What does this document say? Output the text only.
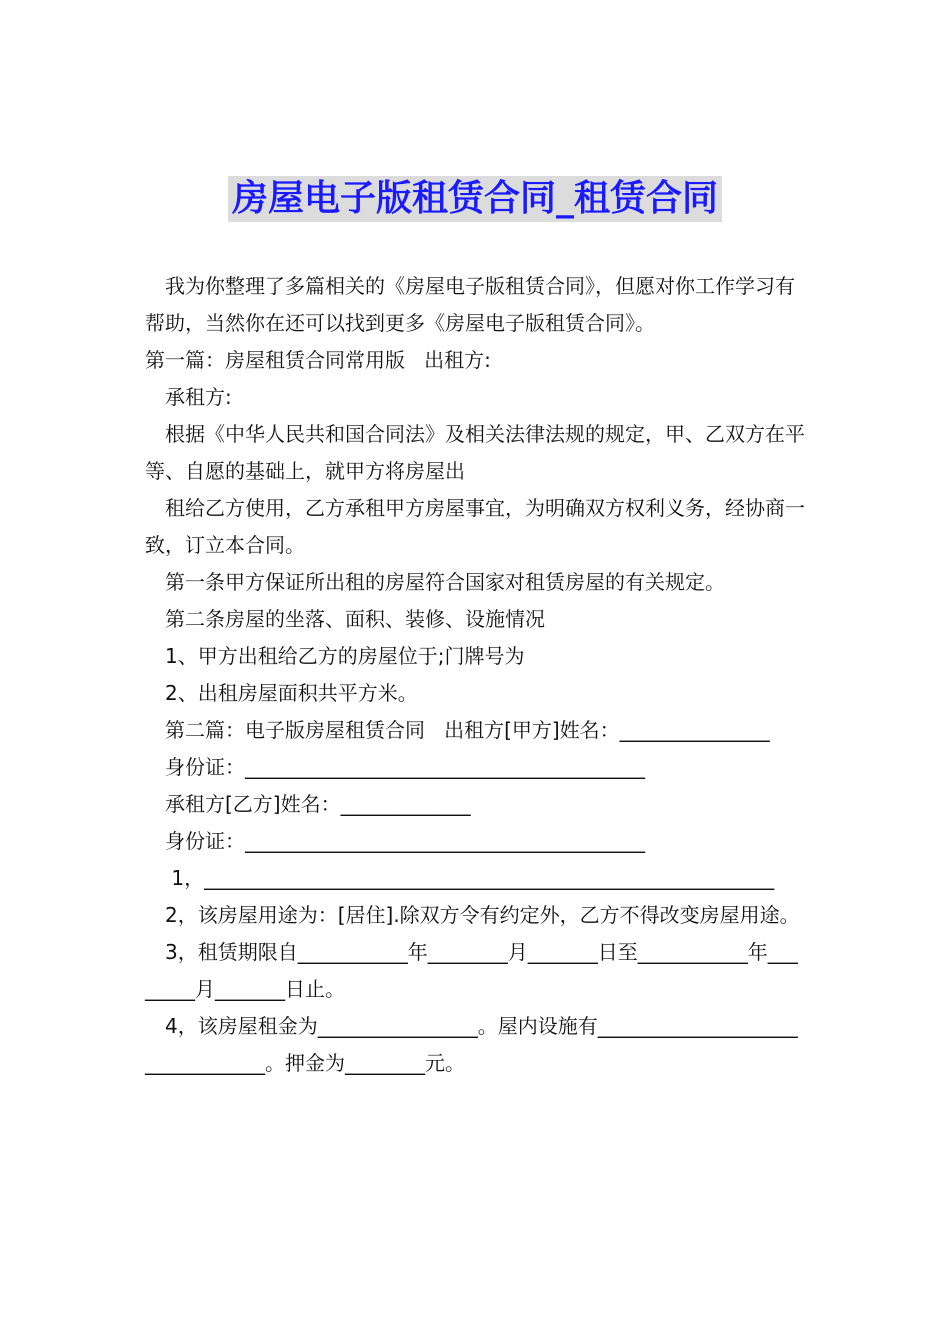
房屋电子版租赁合同_租赁合同

我为你整理了多篇相关的《房屋电子版租赁合同》，但愿对你工作学习有帮助，当然你在还可以找到更多《房屋电子版租赁合同》。

第一篇：房屋租赁合同常用版   出租方:

承租方:

根据《中华人民共和国合同法》及相关法律法规的规定，甲、乙双方在平等、自愿的基础上，就甲方将房屋出

租给乙方使用，乙方承租甲方房屋事宜，为明确双方权利义务，经协商一致，订立本合同。

第一条甲方保证所出租的房屋符合国家对租赁房屋的有关规定。

第二条房屋的坐落、面积、装修、设施情况

1、甲方出租给乙方的房屋位于;门牌号为

2、出租房屋面积共平方米。

第二篇：电子版房屋租赁合同   出租方[甲方]姓名：_______________

身份证：________________________________________

承租方[乙方]姓名：_____________

身份证：________________________________________

1，_________________________________________________________

2，该房屋用途为：[居住].除双方令有约定外，乙方不得改变房屋用途。

3，租赁期限自___________年________月_______日至___________年________月_______日止。

4，该房屋租金为________________。屋内设施有________________________________。押金为________元。
